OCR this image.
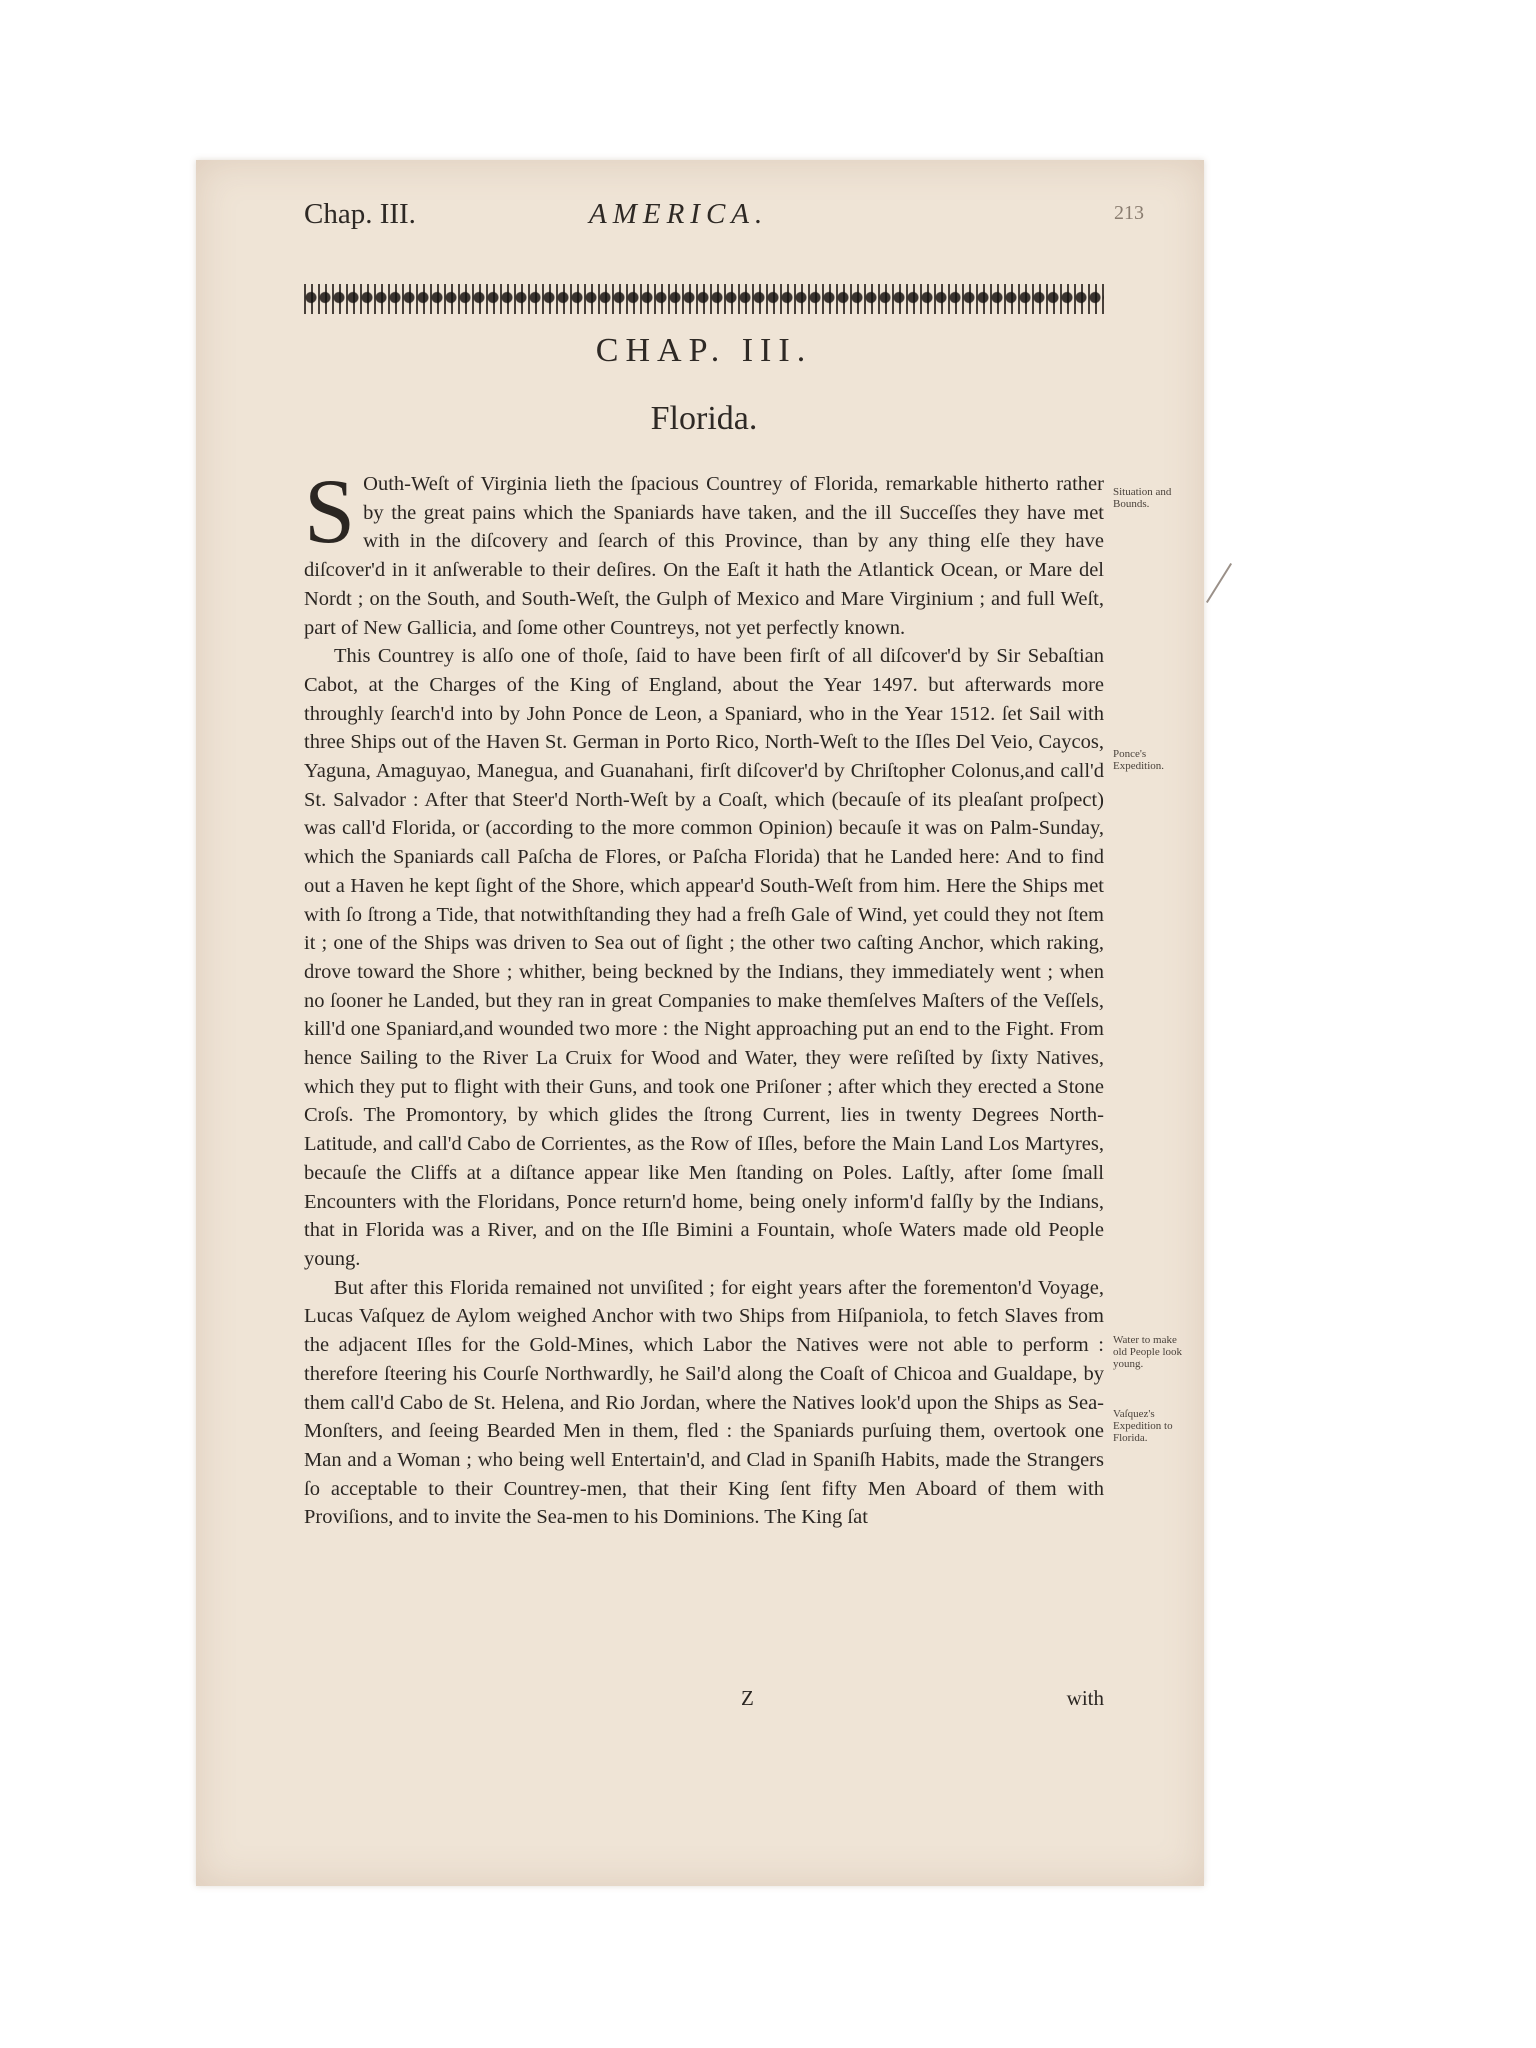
Chap. III.	AMERICA.	213
CHAP. III.
Florida.

S Outh-Weſt of Virginia lieth the ſpacious Countrey of Florida, remarkable hitherto rather by the great pains which the Spaniards have taken, and the ill Succeſſes they have met with in the diſcovery and ſearch of this Province, than by any thing elſe they have diſcover'd in it anſwerable to their deſires. On the Eaſt it hath the Atlantick Ocean, or Mare del Nordt ; on the South, and South-Weſt, the Gulph of Mexico and Mare Virginium ; and full Weſt, part of New Gallicia, and ſome other Countreys, not yet perfectly known.

This Countrey is alſo one of thoſe, ſaid to have been firſt of all diſcover'd by Sir Sebaſtian Cabot, at the Charges of the King of England, about the Year 1497. but afterwards more throughly ſearch'd into by John Ponce de Leon, a Spaniard, who in the Year 1512. ſet Sail with three Ships out of the Haven St. German in Porto Rico, North-Weſt to the Iſles Del Veio, Caycos, Yaguna, Amaguyao, Manegua, and Guanahani, firſt diſcover'd by Chriſtopher Colonus,and call'd St. Salvador : After that Steer'd North-Weſt by a Coaſt, which (becauſe of its pleaſant proſpect) was call'd Florida, or (according to the more common Opinion) becauſe it was on Palm-Sunday, which the Spaniards call Paſcha de Flores, or Paſcha Florida) that he Landed here: And to find out a Haven he kept ſight of the Shore, which appear'd South-Weſt from him. Here the Ships met with ſo ſtrong a Tide, that notwithſtanding they had a freſh Gale of Wind, yet could they not ſtem it ; one of the Ships was driven to Sea out of ſight ; the other two caſting Anchor, which raking, drove toward the Shore ; whither, being beckned by the Indians, they immediately went ; when no ſooner he Landed, but they ran in great Companies to make themſelves Maſters of the Veſſels, kill'd one Spaniard,and wounded two more : the Night approaching put an end to the Fight. From hence Sailing to the River La Cruix for Wood and Water, they were reſiſted by ſixty Natives, which they put to flight with their Guns, and took one Priſoner ; after which they erected a Stone Croſs. The Promontory, by which glides the ſtrong Current, lies in twenty Degrees North-Latitude, and call'd Cabo de Corrientes, as the Row of Iſles, before the Main Land Los Martyres, becauſe the Cliffs at a diſtance appear like Men ſtanding on Poles. Laſtly, after ſome ſmall Encounters with the Floridans, Ponce return'd home, being onely inform'd falſly by the Indians, that in Florida was a River, and on the Iſle Bimini a Fountain, whoſe Waters made old People young.

But after this Florida remained not unviſited ; for eight years after the forementon'd Voyage, Lucas Vaſquez de Aylom weighed Anchor with two Ships from Hiſpaniola, to fetch Slaves from the adjacent Iſles for the Gold-Mines, which Labor the Natives were not able to perform : therefore ſteering his Courſe Northwardly, he Sail'd along the Coaſt of Chicoa and Gualdape, by them call'd Cabo de St. Helena, and Rio Jordan, where the Natives look'd upon the Ships as Sea-Monſters, and ſeeing Bearded Men in them, fled : the Spaniards purſuing them, overtook one Man and a Woman ; who being well Entertain'd, and Clad in Spaniſh Habits, made the Strangers ſo acceptable to their Countrey-men, that their King ſent fifty Men Aboard of them with Proviſions, and to invite the Sea-men to his Dominions. The King ſat

Situation and Bounds.
Ponce's Expedition.
Water to make old People look young.
Vaſquez's Expedition to Florida.
Z	with
